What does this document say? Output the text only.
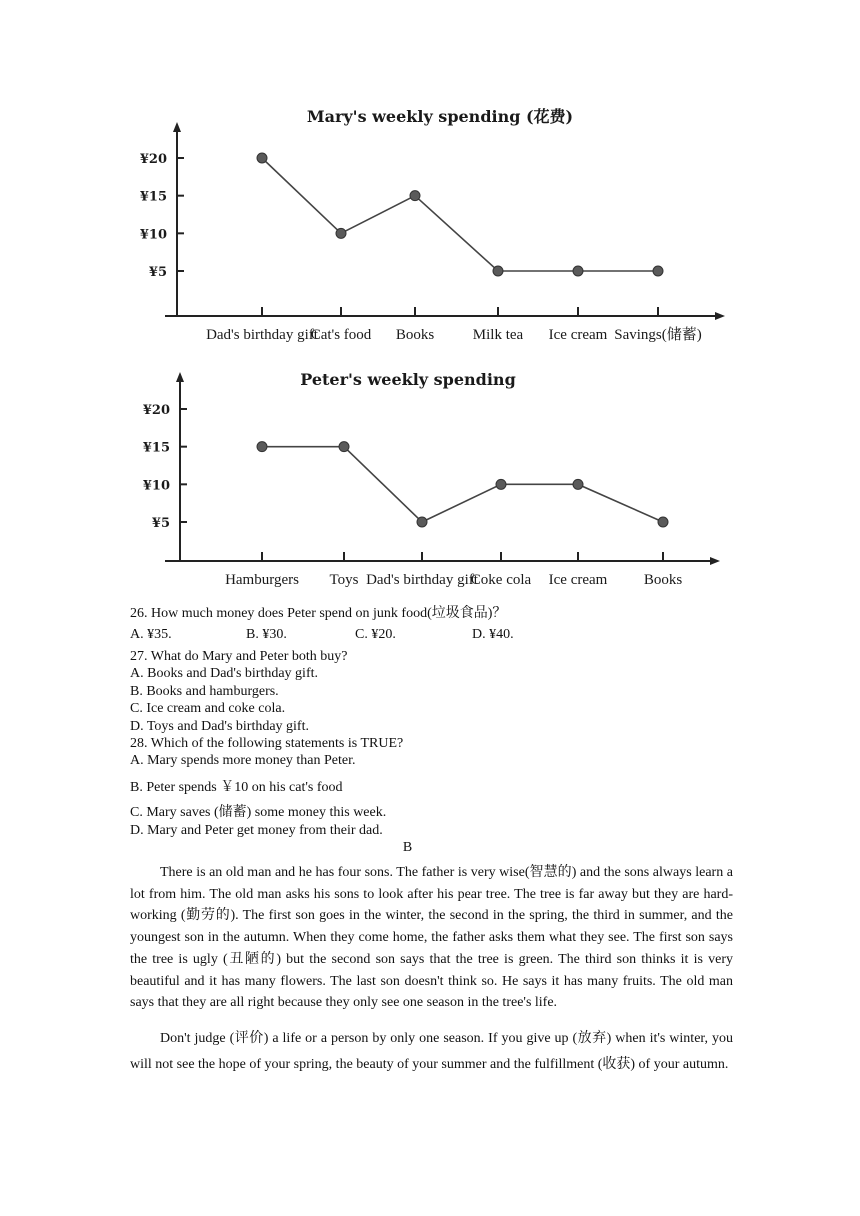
Mary's weekly spending (花费)
¥5
¥10
¥15
¥20
Dad's birthday gift
Cat's food Books	Milk tea Ice cream Savings(储蓄)
Peter's weekly spending
¥5
¥10
¥15
¥20
Hamburgers Toys Dad's birthday gift
Coke cola Ice cream Books
26. How much money does Peter spend on junk food(垃圾食品)？
A. ¥35.	B. ¥30.	C. ¥20.	D. ¥40.
27. What do Mary and Peter both buy?
A. Books and Dad's birthday gift.
B. Books and hamburgers.
C. Ice cream and coke cola.
D. Toys and Dad's birthday gift.
28. Which of the following statements is TRUE?
A. Mary spends more money than Peter.
B. Peter spends ￥10 on his cat's food
C. Mary saves (储蓄) some money this week.
D. Mary and Peter get money from their dad.
B
There is an old man and he has four sons. The father is very wise(智慧的) and the sons always learn a lot from him. The old man asks his sons to look after his pear tree. The tree is far away but they are hard-working (勤劳的). The first son goes in the winter, the second in the spring, the third in summer, and the youngest son in the autumn. When they come home, the father asks them what they see. The first son says the tree is ugly (丑陋的) but the second son says that the tree is green. The third son thinks it is very beautiful and it has many flowers. The last son doesn't think so. He says it has many fruits. The old man says that they are all right because they only see one season in the tree's life.
Don't judge (评价) a life or a person by only one season. If you give up (放弃) when it's winter, you will not see the hope of your spring, the beauty of your summer and the fulfillment (收获) of your autumn.
